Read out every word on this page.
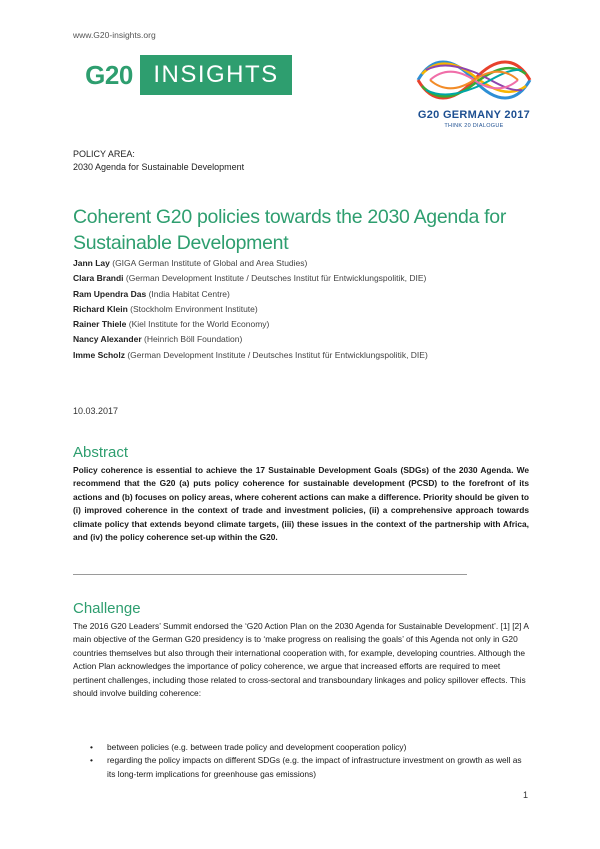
www.G20-insights.org
G20 INSIGHTS
G20 GERMANY 2017
THINK 20 DIALOGUE
POLICY AREA:
2030 Agenda for Sustainable Development
Coherent G20 policies towards the 2030 Agenda for Sustainable Development
Jann Lay (GIGA German Institute of Global and Area Studies)
Clara Brandi (German Development Institute / Deutsches Institut für Entwicklungspolitik, DIE)
Ram Upendra Das (India Habitat Centre)
Richard Klein (Stockholm Environment Institute)
Rainer Thiele (Kiel Institute for the World Economy)
Nancy Alexander (Heinrich Böll Foundation)
Imme Scholz (German Development Institute / Deutsches Institut für Entwicklungspolitik, DIE)
10.03.2017
Abstract
Policy coherence is essential to achieve the 17 Sustainable Development Goals (SDGs) of the 2030 Agenda. We recommend that the G20 (a) puts policy coherence for sustainable development (PCSD) to the forefront of its actions and (b) focuses on policy areas, where coherent actions can make a difference. Priority should be given to (i) improved coherence in the context of trade and investment policies, (ii) a comprehensive approach towards climate policy that extends beyond climate targets, (iii) these issues in the context of the partnership with Africa, and (iv) the policy coherence set-up within the G20.
Challenge
The 2016 G20 Leaders’ Summit endorsed the ‘G20 Action Plan on the 2030 Agenda for Sustainable Development’. [1] [2] A main objective of the German G20 presidency is to ‘make progress on realising the goals’ of this Agenda not only in G20 countries themselves but also through their international cooperation with, for example, developing countries. Although the Action Plan acknowledges the importance of policy coherence, we argue that increased efforts are required to meet pertinent challenges, including those related to cross-sectoral and transboundary linkages and policy spillover effects. This should involve building coherence:
• between policies (e.g. between trade policy and development cooperation policy)
• regarding the policy impacts on different SDGs (e.g. the impact of infrastructure investment on growth as well as its long-term implications for greenhouse gas emissions)
1
